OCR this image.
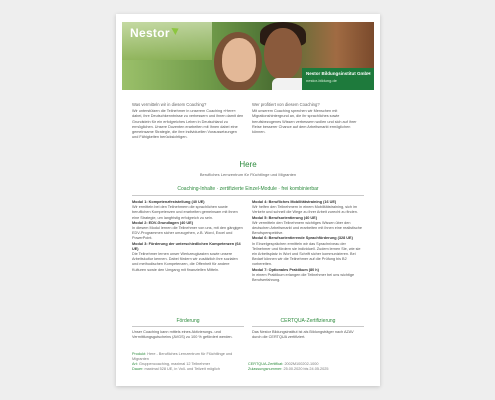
Nestor
Nestor Bildungsinstitut GmbH
nestor-bildung.de
Was vermitteln wir in diesem Coaching?
Wir unterstützen die Teilnehmer in unserem Coaching »Here« dabei, ihre Deutschkenntnisse zu verbessern und ihnen damit den Grundstein für ein erfolgreiches Leben in Deutschland zu ermöglichen. Unsere Dozenten erarbeiten mit Ihnen dabei eine gemeinsame Strategie, die ihre individuellen Voraussetzungen und Fähigkeiten berücksichtigen.
Wer profitiert von diesem Coaching?
Mit unserem Coaching sprechen wir Menschen mit Migrationshintergrund an, die ihr sprachliches sowie berufsbezogenes Wissen verbessern wollen und sich auf ihrer Reise besserer Chance auf dem Arbeitsmarkt ermöglichen können.
Here
Berufliches Lernzentrum für Flüchtlinge und Migranten
Coaching-Inhalte · zertifizierte Einzel-Module · frei kombinierbar
Modul 1: Kompetenzfeststellung (40 UE)
Wir ermitteln bei den Teilnehmern die sprachlichen sowie beruflichen Kompetenzen und erarbeiten gemeinsam mit ihnen eine Strategie, um langfristig erfolgreich zu sein.
Modul 2: EDV-Grundlagen (40 UE)
In diesem Modul lernen die Teilnehmer von uns, mit den gängigen EDV-Programmen sicher umzugehen, z.B. Word, Excel und PowerPoint.
Modul 3: Förderung der unterschiedlichen Kompetenzen (64 UE)
Die Teilnehmer lernen unser Werkzeugkasten sowie unsere Arbeitskultur kennen. Dabei fördern wir zusätzlich ihre sozialen und methodischen Kompetenzen, die Offenheit für andere Kulturen sowie den Umgang mit finanziellen Mitteln.
Modul 4: Berufliches Mobilitätstraining (16 UE)
Wir helfen den Teilnehmern in einem Mobilitätstraining, sich im Verkehr und schnell die Wege zu ihrer Arbeit zurecht zu finden.
Modul 5: Berufsorientierung (40 UE)
Wir vermitteln den Teilnehmern wichtiges Wissen über den deutschen Arbeitsmarkt und erarbeiten mit ihnen eine realistische Berufsperspektive.
Modul 6: Berufsorientierende Sprachförderung (328 UE)
In Einzelgesprächen ermitteln wir das Sprachniveau der Teilnehmer und fördern sie individuell. Zudem lernen Sie, wie sie ein Arbeitsplatz in Wort und Schrift sicher kommunizieren. Bei Bedarf können wir die Teilnehmer auf die Prüfung bis B2 vorbereiten.
Modul 7: Optionales Praktikum (80 h)
In einem Praktikum erlangen die Teilnehmer bei uns wichtige Berufserfahrung.
Förderung
Unser Coaching kann mittels eines Aktivierungs- und Vermittlungsgutscheins (AVGS) zu 100 % gefördert werden.
CERTQUA-Zertifizierung
Das Nestor Bildungsinstitut ist als Bildungsträger nach AZAV durch die CERTQUA zertifiziert.
Produkt: Here - Berufliches Lernzentrum für Flüchtlinge und Migranten
Art: Gruppencoaching, maximal 12 Teilnehmer
Dauer: maximal 528 UE, in Voll- und Teilzeit möglich
CERTQUA-Zertifikat: 2002M100202-1000
Zulassungsnummer: 25.00.2020 bis 24.05.2025
